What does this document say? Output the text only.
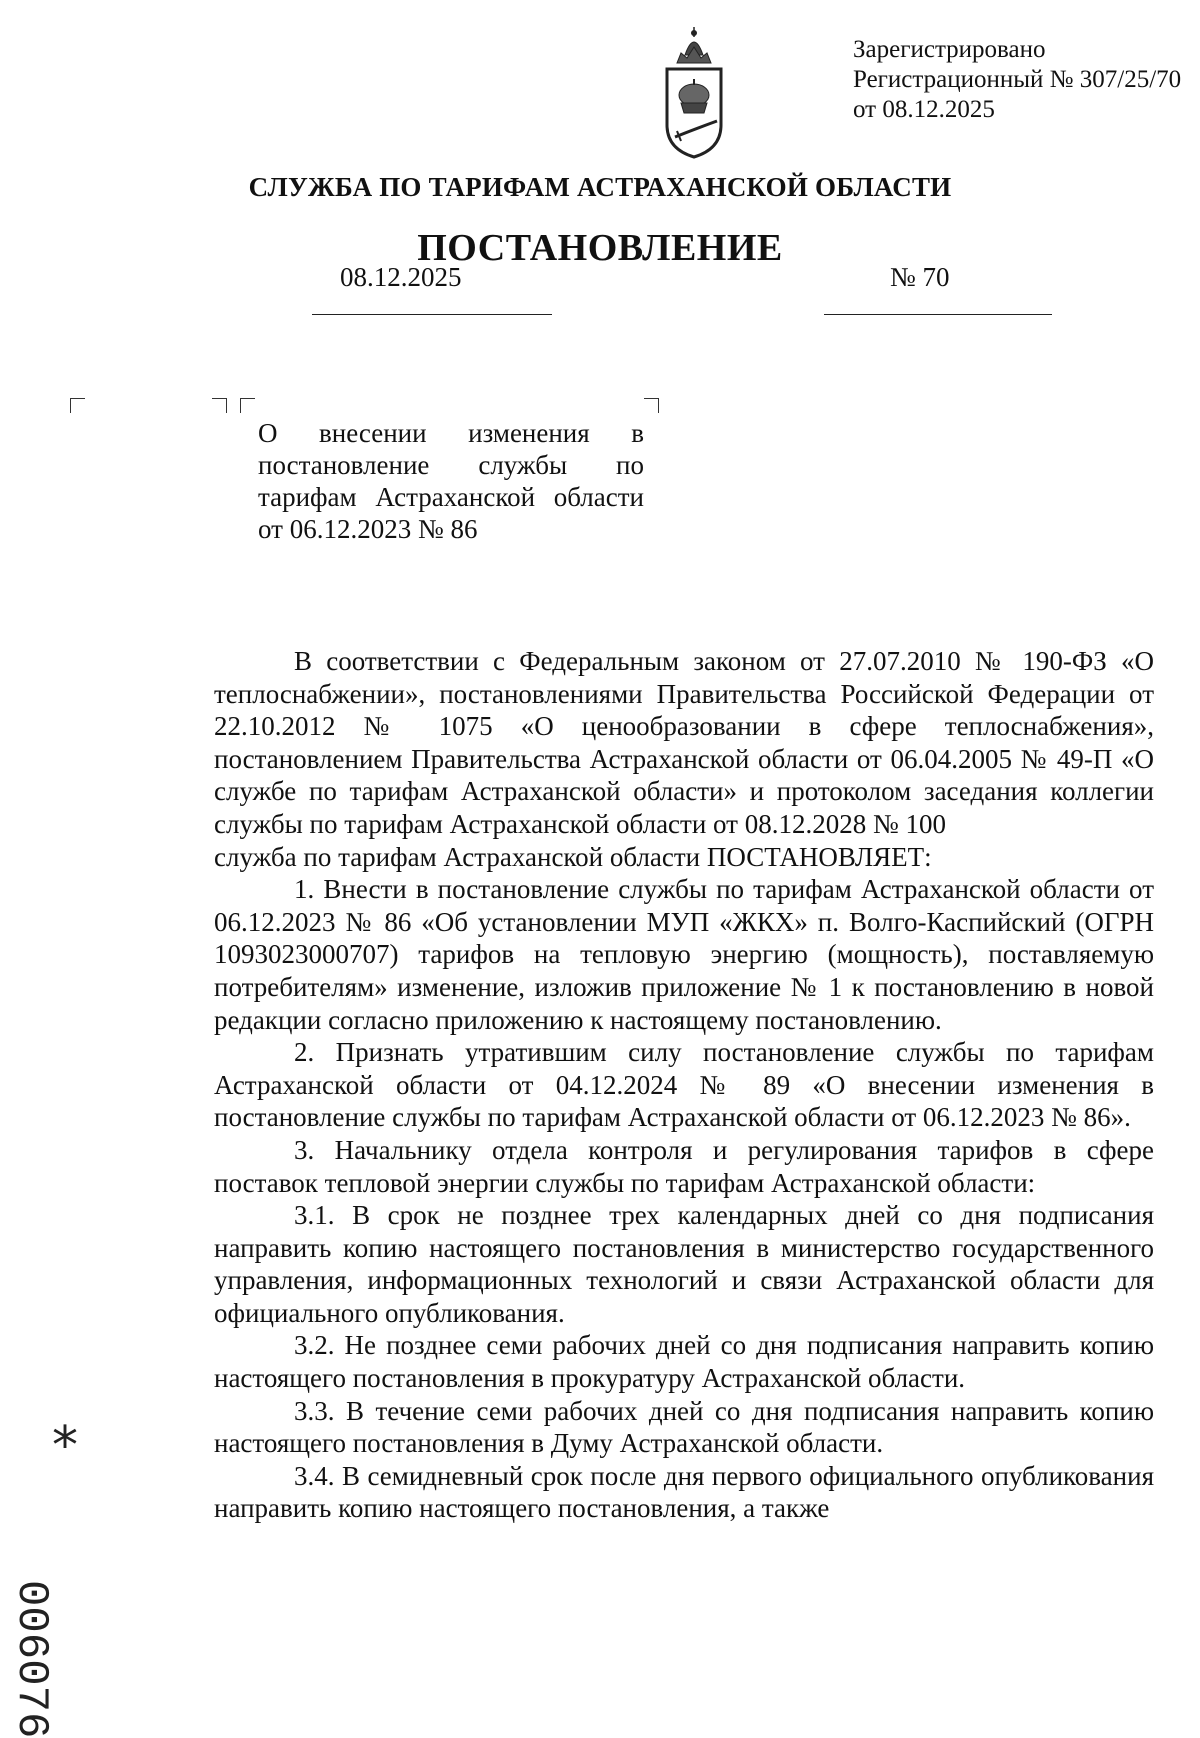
Зарегистрировано
Регистрационный № 307/25/70
от 08.12.2025
СЛУЖБА ПО ТАРИФАМ АСТРАХАНСКОЙ ОБЛАСТИ
ПОСТАНОВЛЕНИЕ
08.12.2025	№ 70
О внесении изменения в постановление службы по тарифам Астраханской области от 06.12.2023 № 86

В соответствии с Федеральным законом от 27.07.2010 № 190-ФЗ «О теплоснабжении», постановлениями Правительства Российской Федерации от 22.10.2012 № 1075 «О ценообразовании в сфере теплоснабжения», постановлением Правительства Астраханской области от 06.04.2005 № 49-П «О службе по тарифам Астраханской области» и протоколом заседания коллегии службы по тарифам Астраханской области от 08.12.2028 № 100

служба по тарифам Астраханской области ПОСТАНОВЛЯЕТ:

1. Внести в постановление службы по тарифам Астраханской области от 06.12.2023 № 86 «Об установлении МУП «ЖКХ» п. Волго-Каспийский (ОГРН 1093023000707) тарифов на тепловую энергию (мощность), поставляемую потребителям» изменение, изложив приложение № 1 к постановлению в новой редакции согласно приложению к настоящему постановлению.

2. Признать утратившим силу постановление службы по тарифам Астраханской области от 04.12.2024 № 89 «О внесении изменения в постановление службы по тарифам Астраханской области от 06.12.2023 № 86».

3. Начальнику отдела контроля и регулирования тарифов в сфере поставок тепловой энергии службы по тарифам Астраханской области:

3.1. В срок не позднее трех календарных дней со дня подписания направить копию настоящего постановления в министерство государственного управления, информационных технологий и связи Астраханской области для официального опубликования.

3.2. Не позднее семи рабочих дней со дня подписания направить копию настоящего постановления в прокуратуру Астраханской области.

3.3. В течение семи рабочих дней со дня подписания направить копию настоящего постановления в Думу Астраханской области.

3.4. В семидневный срок после дня первого официального опубликования направить копию настоящего постановления, а также

*
006076
